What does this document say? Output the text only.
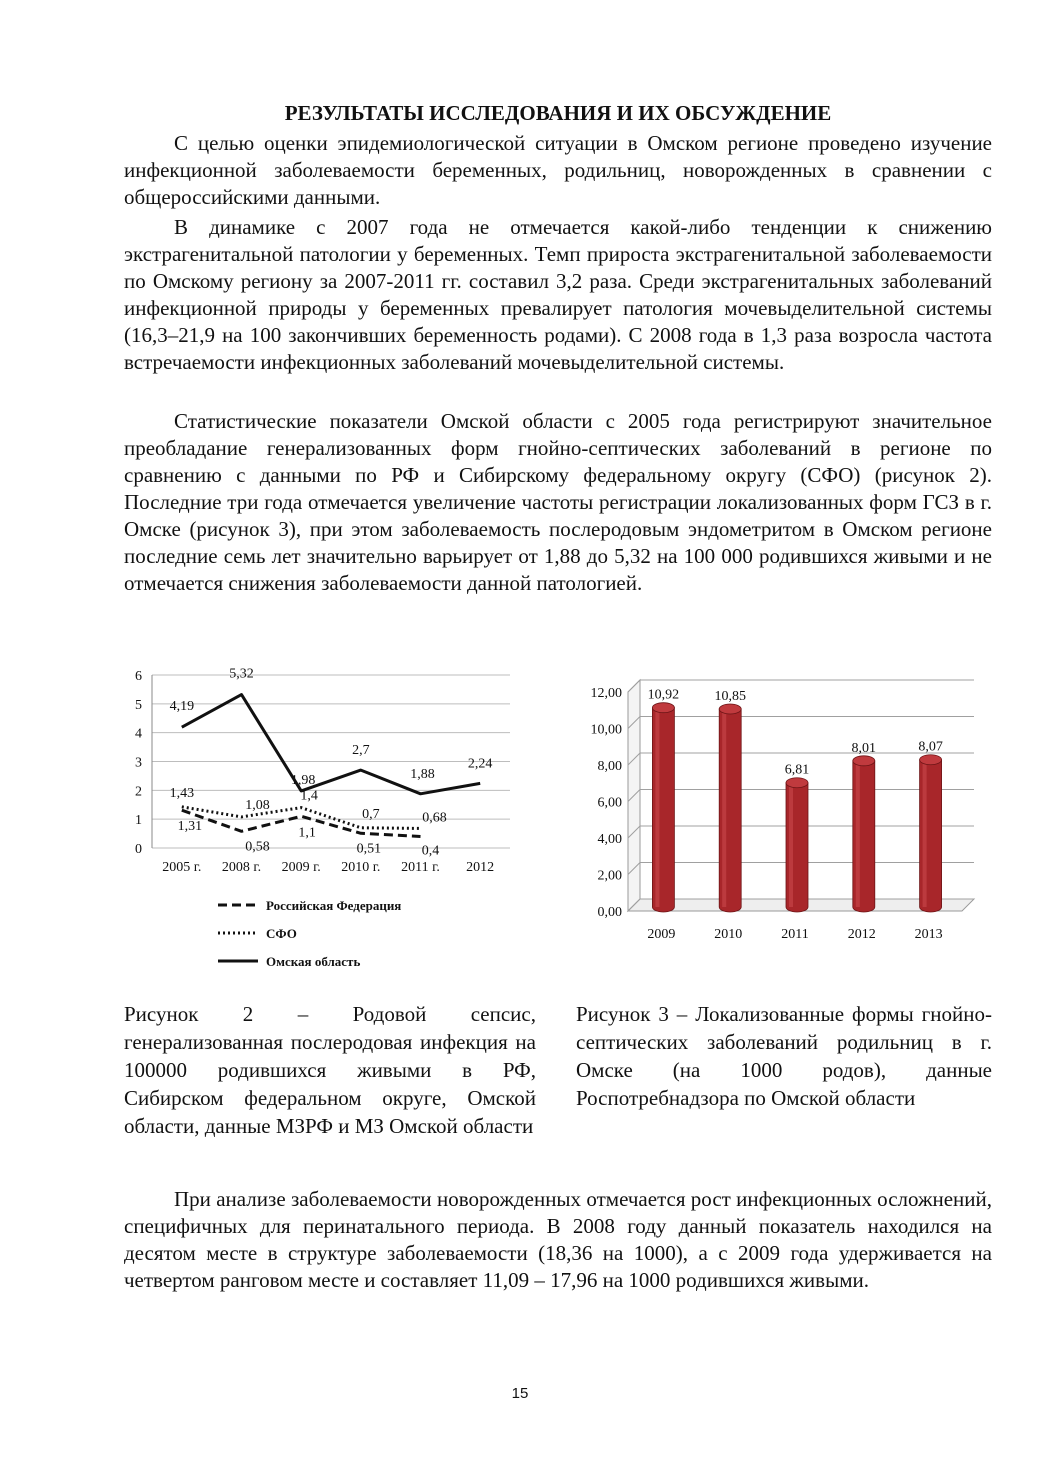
РЕЗУЛЬТАТЫ ИССЛЕДОВАНИЯ И ИХ ОБСУЖДЕНИЕ

С целью оценки эпидемиологической ситуации в Омском регионе проведено изучение инфекционной заболеваемости беременных, родильниц, новорожденных в сравнении с общероссийскими данными.

В динамике с 2007 года не отмечается какой-либо тенденции к снижению экстрагенитальной патологии у беременных. Темп прироста экстрагенитальной заболеваемости по Омскому региону за 2007-2011 гг. составил 3,2 раза. Среди экстрагенитальных заболеваний инфекционной природы у беременных превалирует патология мочевыделительной системы (16,3–21,9 на 100 закончивших беременность родами). С 2008 года в 1,3 раза возросла частота встречаемости инфекционных заболеваний мочевыделительной системы.

Статистические показатели Омской области с 2005 года регистрируют значительное преобладание генерализованных форм гнойно-септических заболеваний в регионе по сравнению с данными по РФ и Сибирскому федеральному округу (СФО) (рисунок 2). Последние три года отмечается увеличение частоты регистрации локализованных форм ГСЗ в г. Омске (рисунок 3), при этом заболеваемость послеродовым эндометритом в Омском регионе последние семь лет значительно варьирует от 1,88 до 5,32 на 100 000 родившихся живыми и не отмечается снижения заболеваемости данной патологией.

0
1
2
3
4
5
6
2005 г. 2008 г. 2009 г. 2010 г. 2011 г. 2012
1,31
0,58
1,1
0,51	0,4
1,43
1,08
1,4
0,7	0,68
4,19
5,32
1,98
2,7
1,88
2,24
Российская Федерация
СФО
Омская область
0,00
2,00
4,00
6,00
8,00
10,00
12,00 10,92
2009
10,85
2010
6,81
2011
8,01
2012
8,07
2013

Рисунок 2 – Родовой сепсис, генерализованная послеродовая инфекция на 100000 родившихся живыми в РФ, Сибирском федеральном округе, Омской области, данные МЗРФ и МЗ Омской области

Рисунок 3 – Локализованные формы гнойно-септических заболеваний родильниц в г. Омске (на 1000 родов), данные Роспотребнадзора по Омской области

При анализе заболеваемости новорожденных отмечается рост инфекционных осложнений, специфичных для перинатального периода. В 2008 году данный показатель находился на десятом месте в структуре заболеваемости (18,36 на 1000), а с 2009 года удерживается на четвертом ранговом месте и составляет 11,09 – 17,96 на 1000 родившихся живыми.

15
